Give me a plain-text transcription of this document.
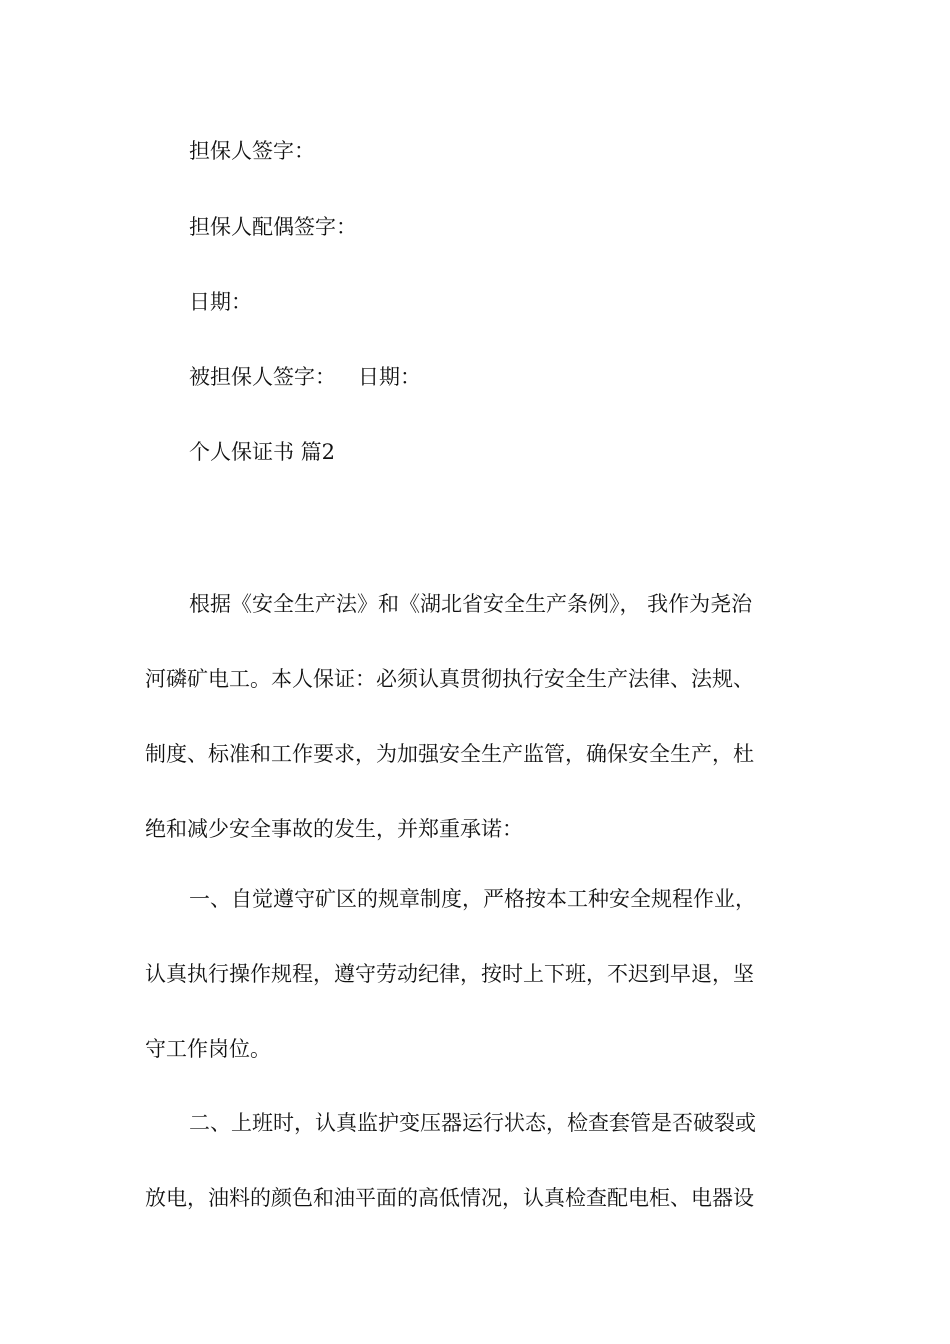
担保人签字：
担保人配偶签字：
日期：
被担保人签字： 日期：
个人保证书 篇2
根据《安全生产法》和《湖北省安全生产条例》， 我作为尧治
河磷矿电工。本人保证：必须认真贯彻执行安全生产法律、法规、
制度、标准和工作要求，为加强安全生产监管，确保安全生产，杜
绝和减少安全事故的发生，并郑重承诺：
一、自觉遵守矿区的规章制度，严格按本工种安全规程作业，
认真执行操作规程，遵守劳动纪律，按时上下班，不迟到早退，坚
守工作岗位。
二、上班时，认真监护变压器运行状态，检查套管是否破裂或
放电，油料的颜色和油平面的高低情况，认真检查配电柜、电器设
